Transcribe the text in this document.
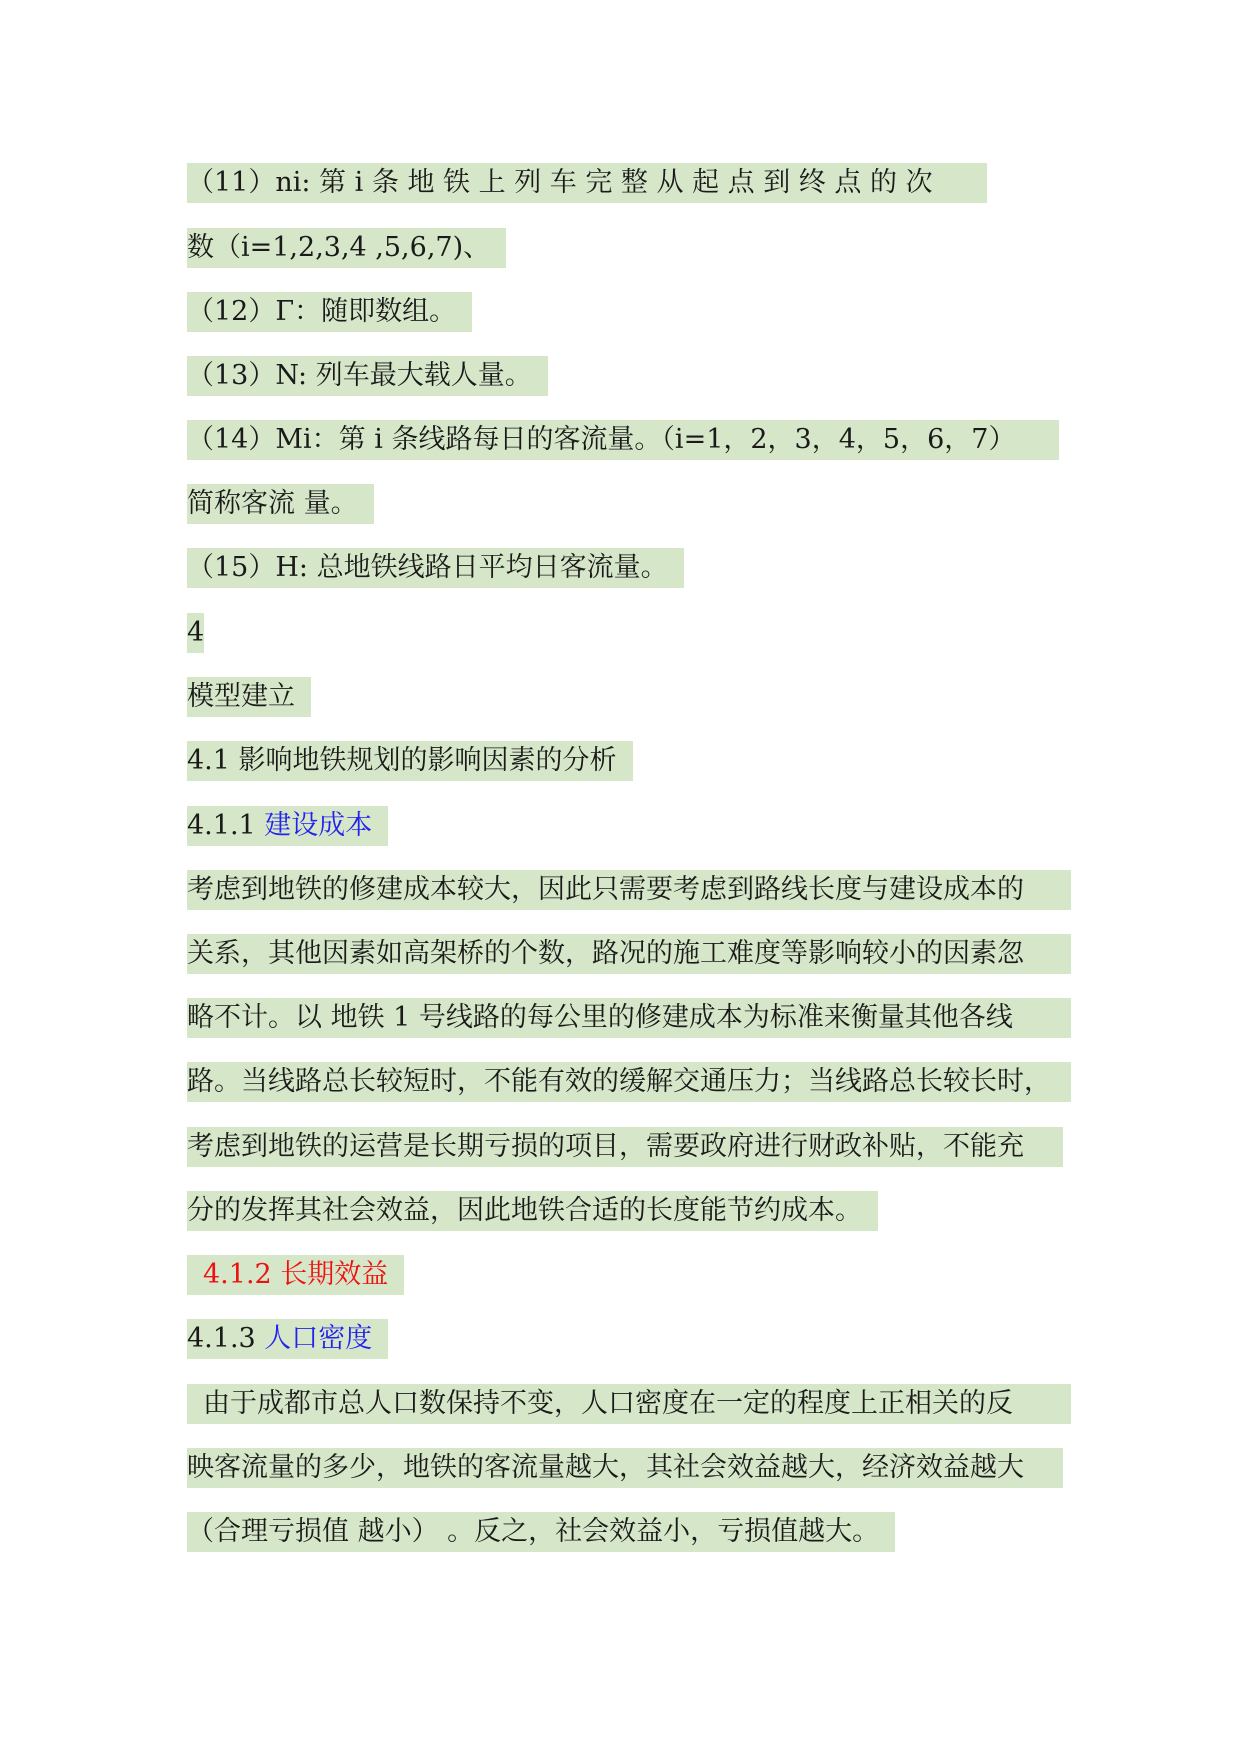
（11）ni: 第 i 条 地 铁 上 列 车 完 整 从 起 点 到 终 点 的 次
数（i=1,2,3,4 ,5,6,7)、
（12）Γ：随即数组。
（13）N: 列车最大载人量。
（14）Mi：第 i 条线路每日的客流量。（i=1，2，3，4，5，6，7）
简称客流 量。
（15）H: 总地铁线路日平均日客流量。
4
模型建立
4.1 影响地铁规划的影响因素的分析
4.1.1 建设成本
考虑到地铁的修建成本较大，因此只需要考虑到路线长度与建设成本的
关系，其他因素如高架桥的个数，路况的施工难度等影响较小的因素忽
略不计。以 地铁 1 号线路的每公里的修建成本为标准来衡量其他各线
路。当线路总长较短时，不能有效的缓解交通压力；当线路总长较长时，
考虑到地铁的运营是长期亏损的项目，需要政府进行财政补贴，不能充
分的发挥其社会效益，因此地铁合适的长度能节约成本。
4.1.2 长期效益
4.1.3 人口密度
由于成都市总人口数保持不变，人口密度在一定的程度上正相关的反
映客流量的多少，地铁的客流量越大，其社会效益越大，经济效益越大
（合理亏损值 越小） 。反之，社会效益小，亏损值越大。
